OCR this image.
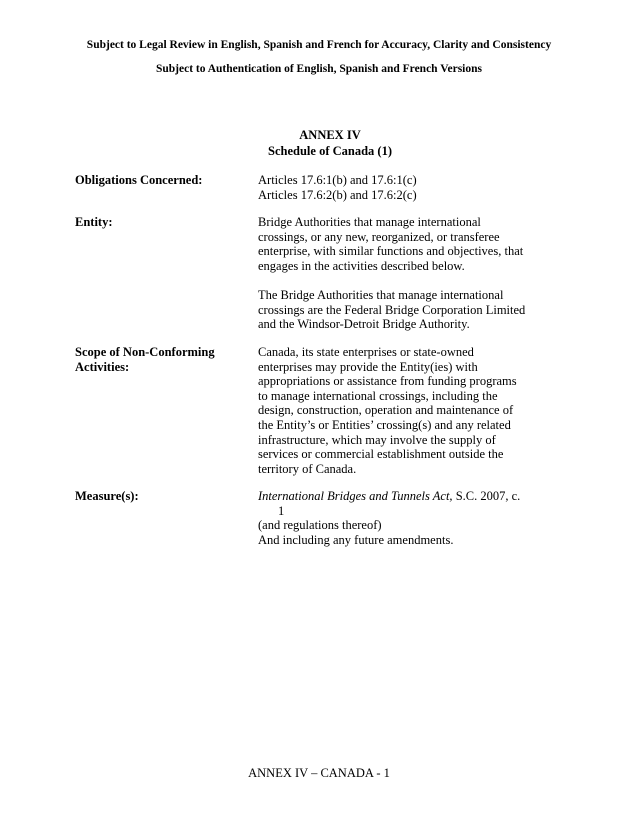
Subject to Legal Review in English, Spanish and French for Accuracy, Clarity and Consistency
Subject to Authentication of English, Spanish and French Versions
ANNEX IV
Schedule of Canada (1)
Obligations Concerned:	Articles 17.6:1(b) and 17.6:1(c)
Articles 17.6:2(b) and 17.6:2(c)
Entity:	Bridge Authorities that manage international
crossings, or any new, reorganized, or transferee
enterprise, with similar functions and objectives, that
engages in the activities described below.
The Bridge Authorities that manage international
crossings are the Federal Bridge Corporation Limited
and the Windsor-Detroit Bridge Authority.
Scope of Non-Conforming
Activities:
Canada, its state enterprises or state-owned
enterprises may provide the Entity(ies) with
appropriations or assistance from funding programs
to manage international crossings, including the
design, construction, operation and maintenance of
the Entity’s or Entities’ crossing(s) and any related
infrastructure, which may involve the supply of
services or commercial establishment outside the
territory of Canada.
Measure(s):	International Bridges and Tunnels Act, S.C. 2007, c.
1
(and regulations thereof)
And including any future amendments.
ANNEX IV – CANADA - 1
